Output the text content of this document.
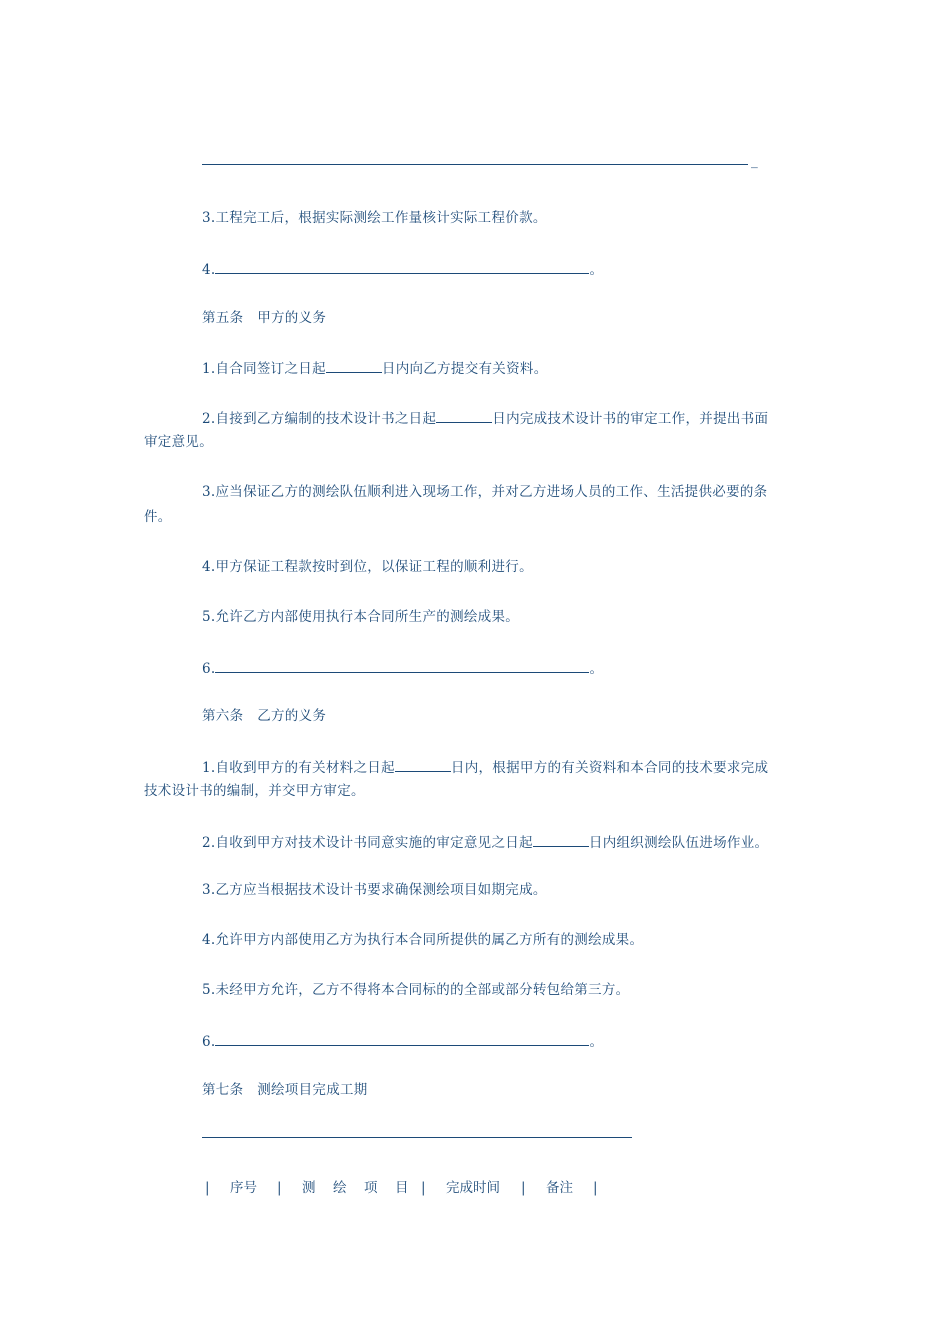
_
3.工程完工后，根据实际测绘工作量核计实际工程价款。
4.	。
第五条　甲方的义务
1.自合同签订之日起	日内向乙方提交有关资料。
2.自接到乙方编制的技术设计书之日起	日内完成技术设计书的审定工作，并提出书面
审定意见。
3.应当保证乙方的测绘队伍顺利进入现场工作，并对乙方进场人员的工作、生活提供必要的条
件。
4.甲方保证工程款按时到位，以保证工程的顺利进行。
5.允许乙方内部使用执行本合同所生产的测绘成果。
6.	。
第六条　乙方的义务
1.自收到甲方的有关材料之日起	日内，根据甲方的有关资料和本合同的技术要求完成
技术设计书的编制，并交甲方审定。
2.自收到甲方对技术设计书同意实施的审定意见之日起	日内组织测绘队伍进场作业。
3.乙方应当根据技术设计书要求确保测绘项目如期完成。
4.允许甲方内部使用乙方为执行本合同所提供的属乙方所有的测绘成果。
5.未经甲方允许，乙方不得将本合同标的的全部或部分转包给第三方。
6.	。
第七条　测绘项目完成工期
| 序号 | 测　绘　项　目 | 完成时间 | 备注 |
